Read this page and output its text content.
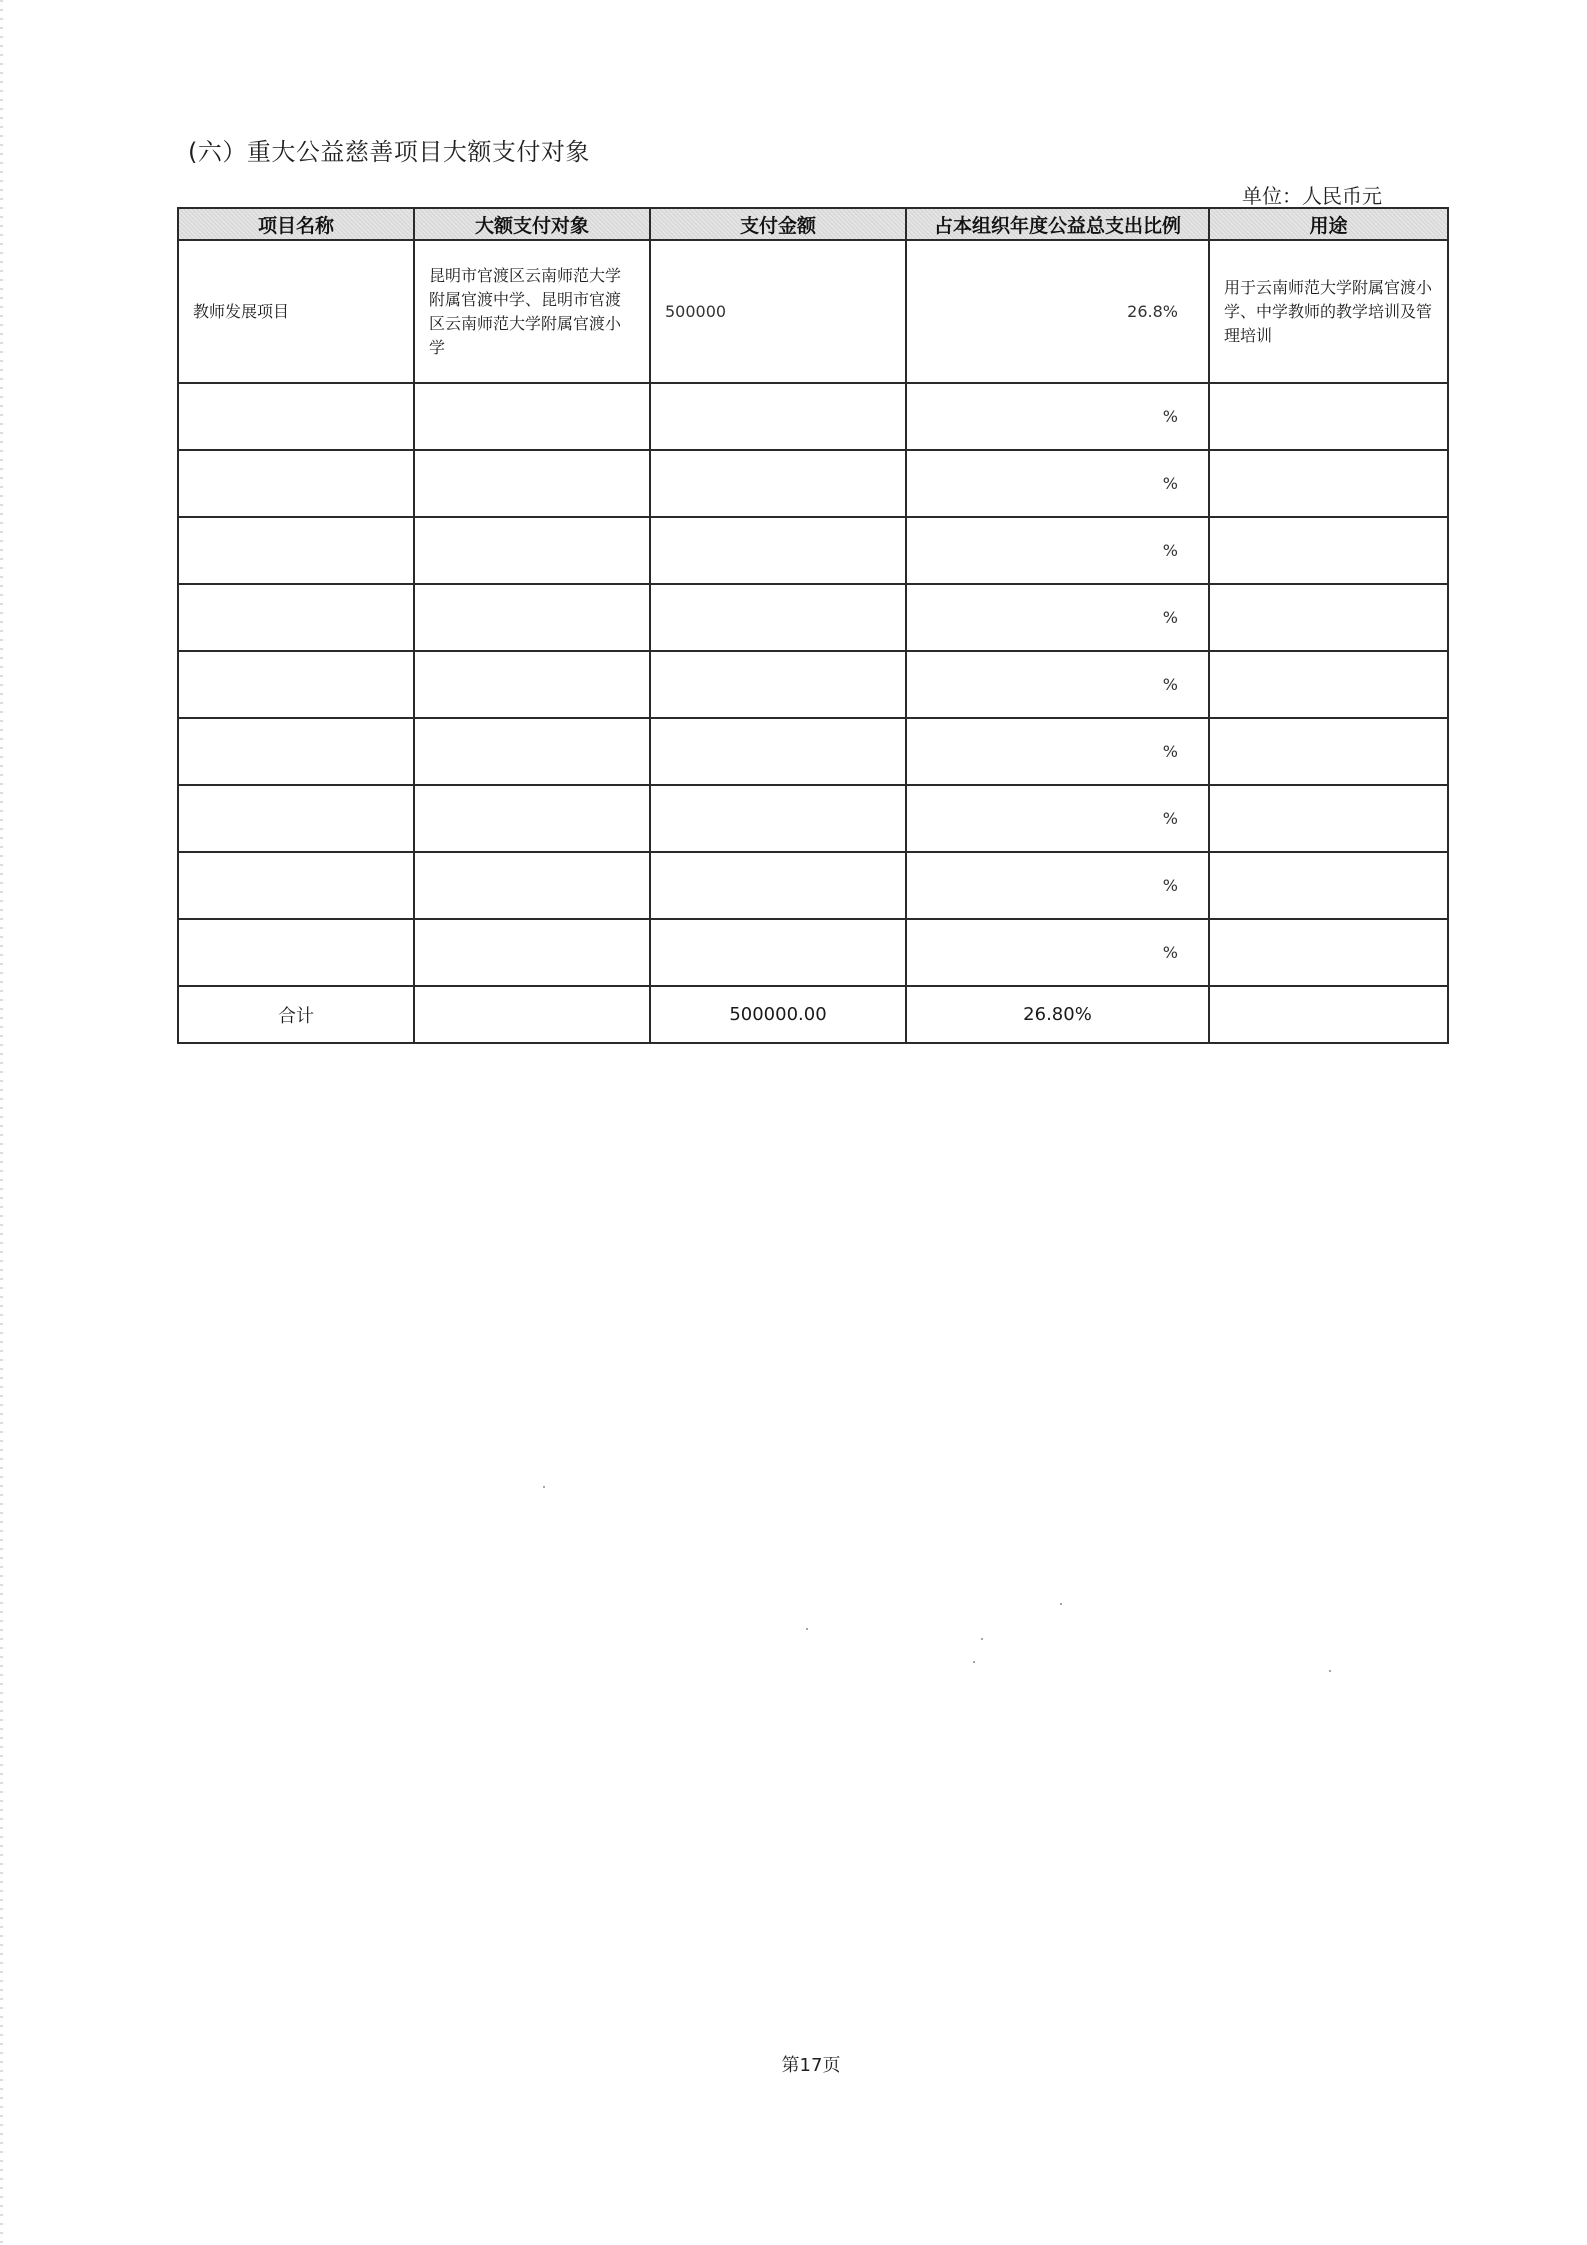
(六）重大公益慈善项目大额支付对象
单位：人民币元
项目名称	大额支付对象	支付金额	占本组织年度公益总支出比例	用途
教师发展项目	昆明市官渡区云南师范大学附属官渡中学、昆明市官渡区云南师范大学附属官渡小学	500000	26.8%	用于云南师范大学附属官渡小学、中学教师的教学培训及管理培训
			%	
			%	
			%	
			%	
			%	
			%	
			%	
			%	
			%	
合计		500000.00	26.80%	
第17页
